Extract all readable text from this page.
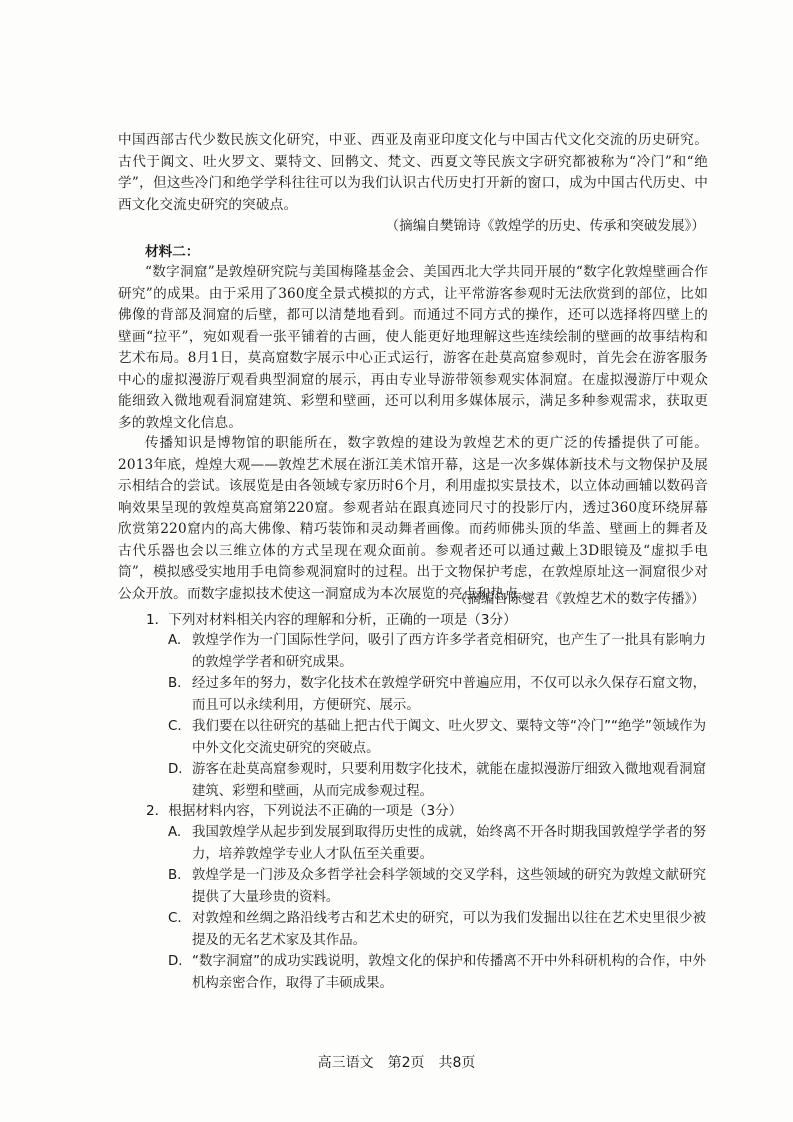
中国西部古代少数民族文化研究，中亚、西亚及南亚印度文化与中国古代文化交流的历史研究。古代于阗文、吐火罗文、粟特文、回鹘文、梵文、西夏文等民族文字研究都被称为“冷门”和“绝学”，但这些冷门和绝学学科往往可以为我们认识古代历史打开新的窗口，成为中国古代历史、中西文化交流史研究的突破点。

（摘编自樊锦诗《敦煌学的历史、传承和突破发展》）

材料二：

“数字洞窟”是敦煌研究院与美国梅隆基金会、美国西北大学共同开展的“数字化敦煌壁画合作研究”的成果。由于采用了360度全景式模拟的方式，让平常游客参观时无法欣赏到的部位，比如佛像的背部及洞窟的后壁，都可以清楚地看到。而通过不同方式的操作，还可以选择将四壁上的壁画“拉平”，宛如观看一张平铺着的古画，使人能更好地理解这些连续绘制的壁画的故事结构和艺术布局。8月1日，莫高窟数字展示中心正式运行，游客在赴莫高窟参观时，首先会在游客服务中心的虚拟漫游厅观看典型洞窟的展示，再由专业导游带领参观实体洞窟。在虚拟漫游厅中观众能细致入微地观看洞窟建筑、彩塑和壁画，还可以利用多媒体展示，满足多种参观需求，获取更多的敦煌文化信息。

传播知识是博物馆的职能所在，数字敦煌的建设为敦煌艺术的更广泛的传播提供了可能。2013年底，煌煌大观——敦煌艺术展在浙江美术馆开幕，这是一次多媒体新技术与文物保护及展示相结合的尝试。该展览是由各领域专家历时6个月，利用虚拟实景技术，以立体动画辅以数码音响效果呈现的敦煌莫高窟第220窟。参观者站在跟真迹同尺寸的投影厅内，透过360度环绕屏幕欣赏第220窟内的高大佛像、精巧装饰和灵动舞者画像。而药师佛头顶的华盖、壁画上的舞者及古代乐器也会以三维立体的方式呈现在观众面前。参观者还可以通过戴上3D眼镜及“虚拟手电筒”，模拟感受实地用手电筒参观洞窟时的过程。出于文物保护考虑，在敦煌原址这一洞窟很少对公众开放。而数字虚拟技术使这一洞窟成为本次展览的亮点和热点。

（摘编自陈燮君《敦煌艺术的数字传播》）

1．下列对材料相关内容的理解和分析，正确的一项是（3分）

A. 敦煌学作为一门国际性学问，吸引了西方许多学者竞相研究，也产生了一批具有影响力的敦煌学学者和研究成果。
B. 经过多年的努力，数字化技术在敦煌学研究中普遍应用，不仅可以永久保存石窟文物，而且可以永续利用，方便研究、展示。
C. 我们要在以往研究的基础上把古代于阗文、吐火罗文、粟特文等“冷门”“绝学”领域作为中外文化交流史研究的突破点。
D. 游客在赴莫高窟参观时，只要利用数字化技术，就能在虚拟漫游厅细致入微地观看洞窟建筑、彩塑和壁画，从而完成参观过程。

2．根据材料内容，下列说法不正确的一项是（3分）

A. 我国敦煌学从起步到发展到取得历史性的成就，始终离不开各时期我国敦煌学学者的努力，培养敦煌学专业人才队伍至关重要。
B. 敦煌学是一门涉及众多哲学社会科学领域的交叉学科，这些领域的研究为敦煌文献研究提供了大量珍贵的资料。
C. 对敦煌和丝绸之路沿线考古和艺术史的研究，可以为我们发掘出以往在艺术史里很少被提及的无名艺术家及其作品。
D. “数字洞窟”的成功实践说明，敦煌文化的保护和传播离不开中外科研机构的合作，中外机构亲密合作，取得了丰硕成果。

高三语文　第2页　共8页
